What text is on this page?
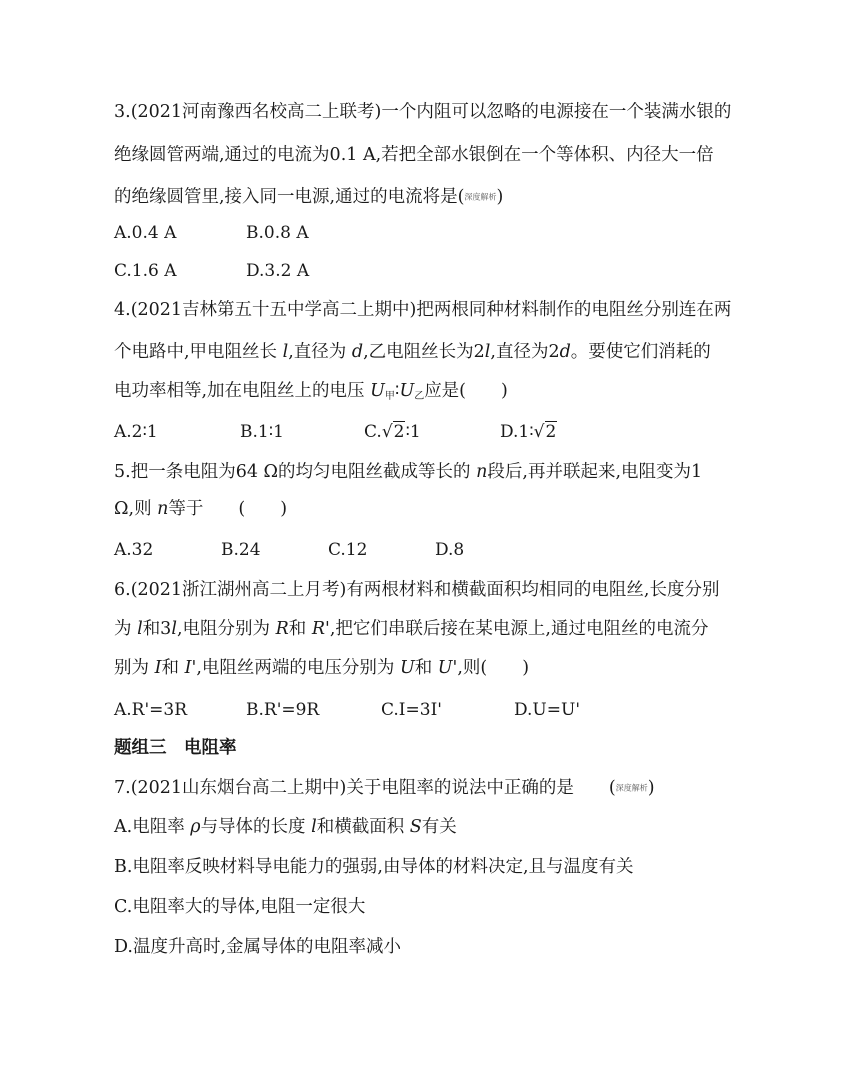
3.(2021河南豫西名校高二上联考)一个内阻可以忽略的电源接在一个装满水银的
绝缘圆管两端,通过的电流为0.1 A,若把全部水银倒在一个等体积、内径大一倍
的绝缘圆管里,接入同一电源,通过的电流将是(深度解析)
A.0.4 A	B.0.8 A
C.1.6 A	D.3.2 A
4.(2021吉林第五十五中学高二上期中)把两根同种材料制作的电阻丝分别连在两
个电路中,甲电阻丝长 l,直径为 d,乙电阻丝长为2l,直径为2d。要使它们消耗的
电功率相等,加在电阻丝上的电压 $U_甲∶U_乙$应是(　　)
A.2∶1	B.1∶1	C.√2∶1	D.1∶√2
5.把一条电阻为64 Ω的均匀电阻丝截成等长的 n段后,再并联起来,电阻变为1
Ω,则 n等于　　(　　)
A.32	B.24	C.12	D.8
6.(2021浙江湖州高二上月考)有两根材料和横截面积均相同的电阻丝,长度分别
为 l和3l,电阻分别为 R和 R',把它们串联后接在某电源上,通过电阻丝的电流分
别为 I和 I',电阻丝两端的电压分别为 U和 U',则(　　)
A.R'=3R	B.R'=9R	C.I=3I'	D.U=U'
题组三　电阻率
7.(2021山东烟台高二上期中)关于电阻率的说法中正确的是　　(深度解析)
A.电阻率 ρ与导体的长度 l和横截面积 S有关
B.电阻率反映材料导电能力的强弱,由导体的材料决定,且与温度有关
C.电阻率大的导体,电阻一定很大
D.温度升高时,金属导体的电阻率减小
